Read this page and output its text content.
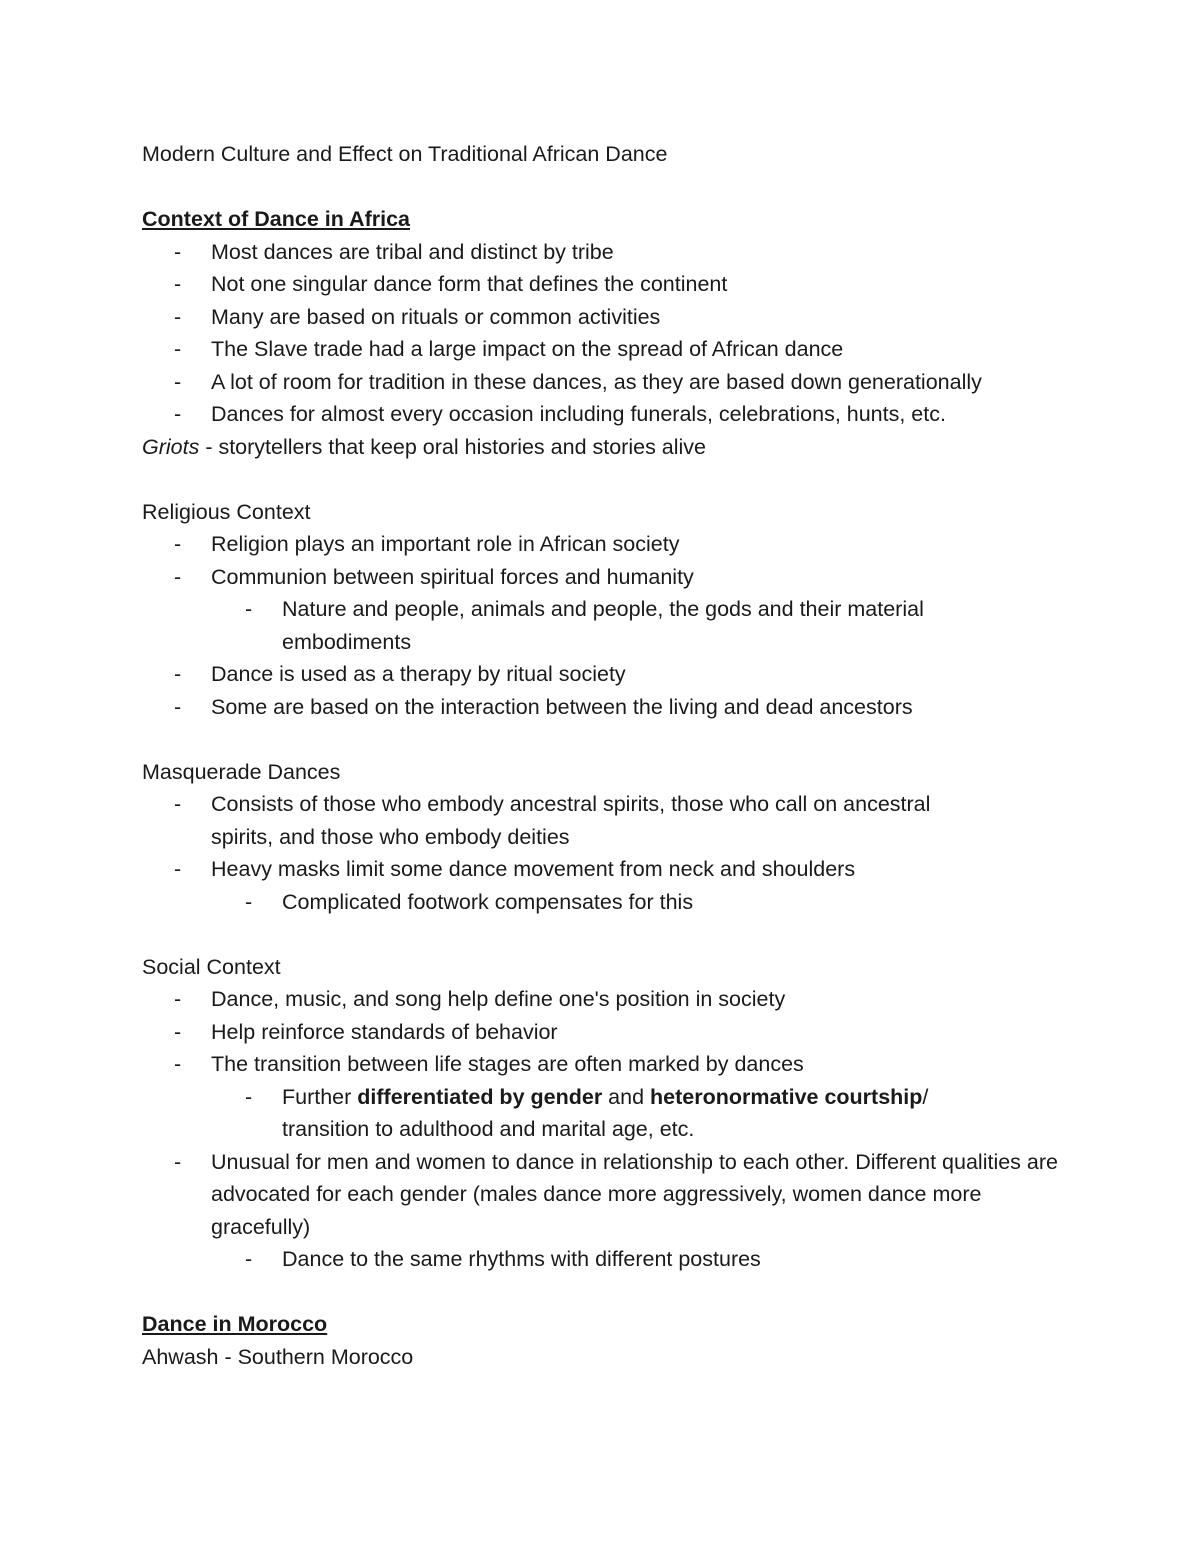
Modern Culture and Effect on Traditional African Dance
Context of Dance in Africa
-	Most dances are tribal and distinct by tribe
-	Not one singular dance form that defines the continent
-	Many are based on rituals or common activities
-	The Slave trade had a large impact on the spread of African dance
-	A lot of room for tradition in these dances, as they are based down generationally
-	Dances for almost every occasion including funerals, celebrations, hunts, etc.
Griots - storytellers that keep oral histories and stories alive
Religious Context
-	Religion plays an important role in African society
-	Communion between spiritual forces and humanity
-	Nature and people, animals and people, the gods and their material embodiments
-	Dance is used as a therapy by ritual society
-	Some are based on the interaction between the living and dead ancestors
Masquerade Dances
-	Consists of those who embody ancestral spirits, those who call on ancestral spirits, and those who embody deities
-	Heavy masks limit some dance movement from neck and shoulders
-	Complicated footwork compensates for this
Social Context
-	Dance, music, and song help define one's position in society
-	Help reinforce standards of behavior
-	The transition between life stages are often marked by dances
-	Further differentiated by gender and heteronormative courtship/ transition to adulthood and marital age, etc.
-	Unusual for men and women to dance in relationship to each other. Different qualities are advocated for each gender (males dance more aggressively, women dance more gracefully)
-	Dance to the same rhythms with different postures
Dance in Morocco
Ahwash - Southern Morocco
